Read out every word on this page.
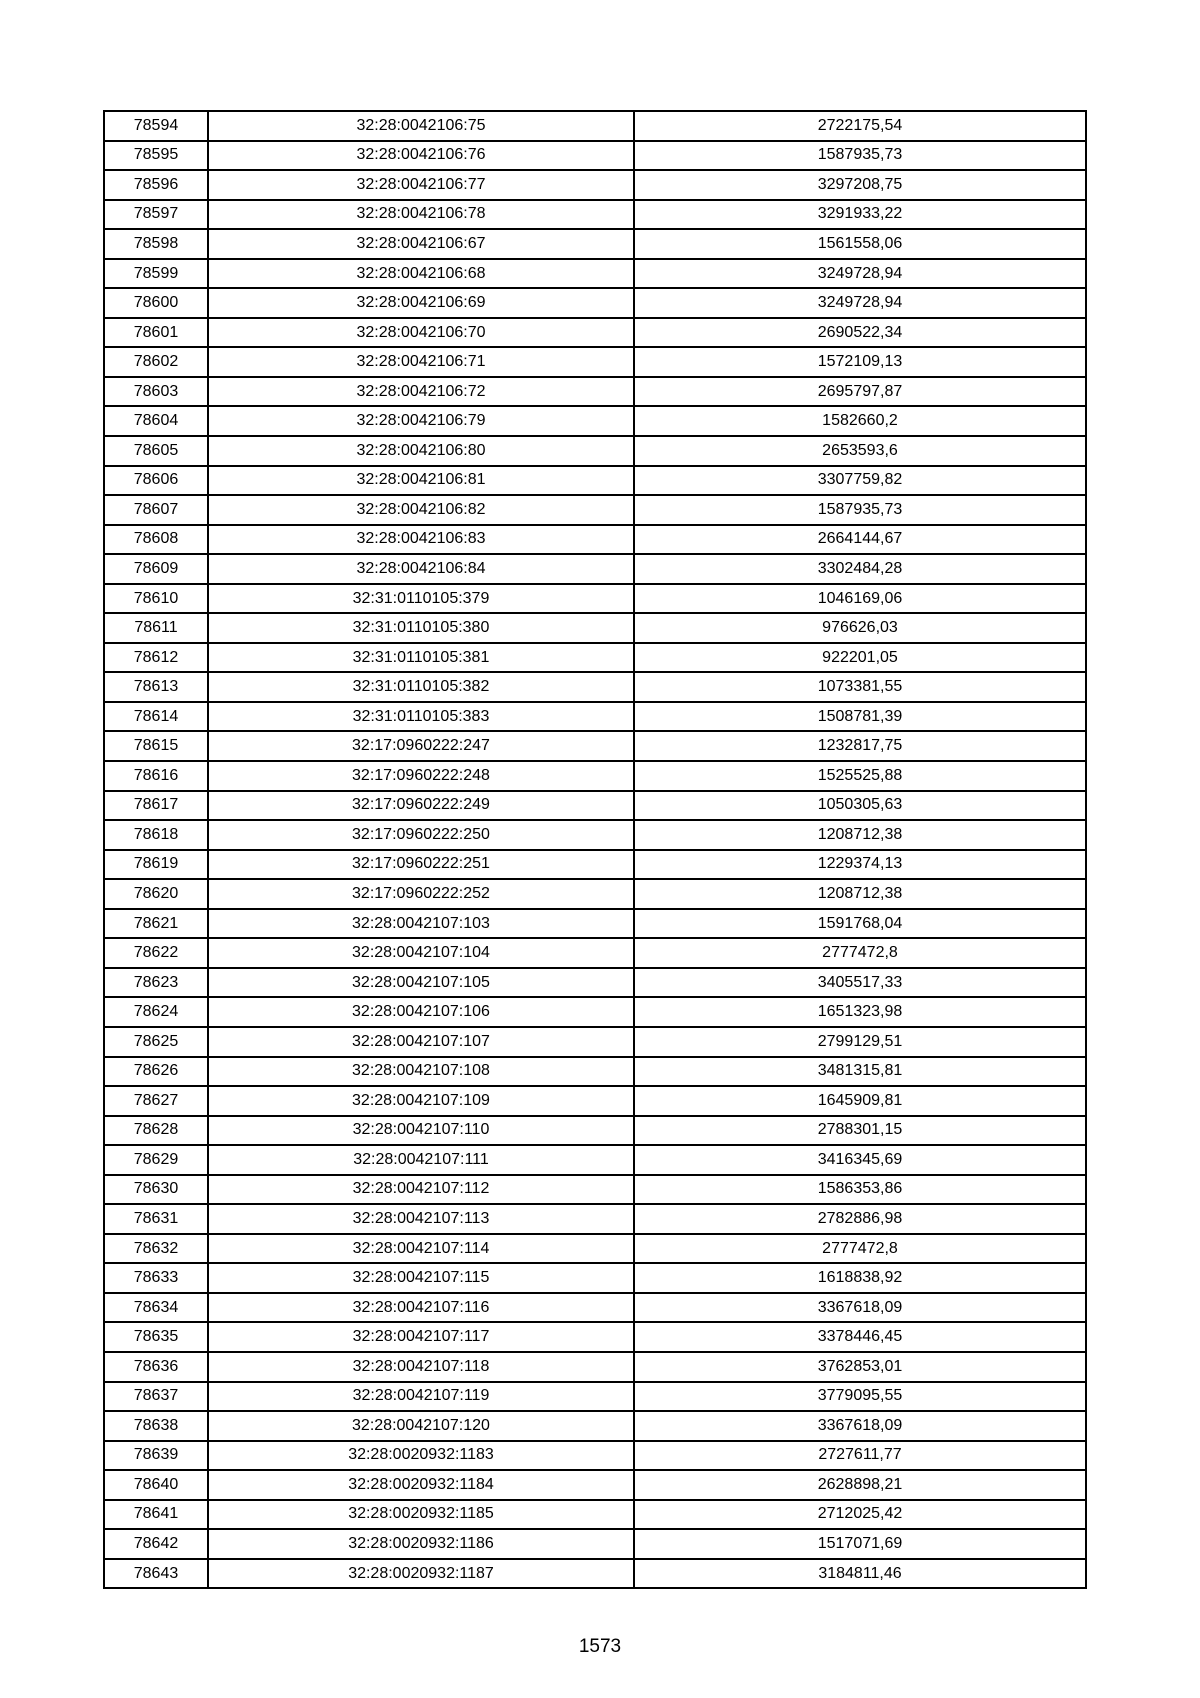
78594	32:28:0042106:75	2722175,54
78595	32:28:0042106:76	1587935,73
78596	32:28:0042106:77	3297208,75
78597	32:28:0042106:78	3291933,22
78598	32:28:0042106:67	1561558,06
78599	32:28:0042106:68	3249728,94
78600	32:28:0042106:69	3249728,94
78601	32:28:0042106:70	2690522,34
78602	32:28:0042106:71	1572109,13
78603	32:28:0042106:72	2695797,87
78604	32:28:0042106:79	1582660,2
78605	32:28:0042106:80	2653593,6
78606	32:28:0042106:81	3307759,82
78607	32:28:0042106:82	1587935,73
78608	32:28:0042106:83	2664144,67
78609	32:28:0042106:84	3302484,28
78610	32:31:0110105:379	1046169,06
78611	32:31:0110105:380	976626,03
78612	32:31:0110105:381	922201,05
78613	32:31:0110105:382	1073381,55
78614	32:31:0110105:383	1508781,39
78615	32:17:0960222:247	1232817,75
78616	32:17:0960222:248	1525525,88
78617	32:17:0960222:249	1050305,63
78618	32:17:0960222:250	1208712,38
78619	32:17:0960222:251	1229374,13
78620	32:17:0960222:252	1208712,38
78621	32:28:0042107:103	1591768,04
78622	32:28:0042107:104	2777472,8
78623	32:28:0042107:105	3405517,33
78624	32:28:0042107:106	1651323,98
78625	32:28:0042107:107	2799129,51
78626	32:28:0042107:108	3481315,81
78627	32:28:0042107:109	1645909,81
78628	32:28:0042107:110	2788301,15
78629	32:28:0042107:111	3416345,69
78630	32:28:0042107:112	1586353,86
78631	32:28:0042107:113	2782886,98
78632	32:28:0042107:114	2777472,8
78633	32:28:0042107:115	1618838,92
78634	32:28:0042107:116	3367618,09
78635	32:28:0042107:117	3378446,45
78636	32:28:0042107:118	3762853,01
78637	32:28:0042107:119	3779095,55
78638	32:28:0042107:120	3367618,09
78639	32:28:0020932:1183	2727611,77
78640	32:28:0020932:1184	2628898,21
78641	32:28:0020932:1185	2712025,42
78642	32:28:0020932:1186	1517071,69
78643	32:28:0020932:1187	3184811,46
1573
